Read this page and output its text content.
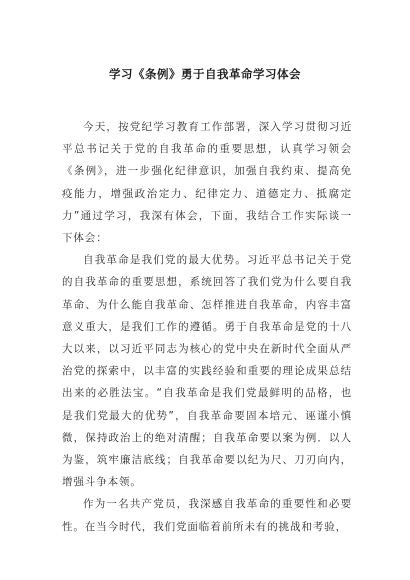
学习《条例》勇于自我革命学习体会

今天，按党纪学习教育工作部署，深入学习贯彻习近平总书记关于党的自我革命的重要思想，认真学习领会《条例》，进一步强化纪律意识，加强自我约束、提高免疫能力，增强政治定力、纪律定力、道德定力、抵腐定力”通过学习，我深有体会，下面，我结合工作实际谈一下体会：

自我革命是我们党的最大优势。习近平总书记关于党的自我革命的重要思想，系统回答了我们党为什么要自我革命、为什么能自我革命、怎样推进自我革命，内容丰富意义重大，是我们工作的遵循。勇于自我革命是党的十八大以来，以习近平同志为核心的党中央在新时代全面从严治党的探索中，以丰富的实践经验和重要的理论成果总结出来的必胜法宝。“自我革命是我们党最鲜明的品格，也是我们党最大的优势”，自我革命要固本培元、诬谨小慎微，保持政治上的绝对清醒；自我革命要以案为例．以人为鉴，筑牢廉洁底线；自我革命要以纪为尺、刀刃向内，增强斗争本领。

作为一名共产党员，我深感自我革命的重要性和必要性。在当今时代，我们党面临着前所未有的挑战和考验，
